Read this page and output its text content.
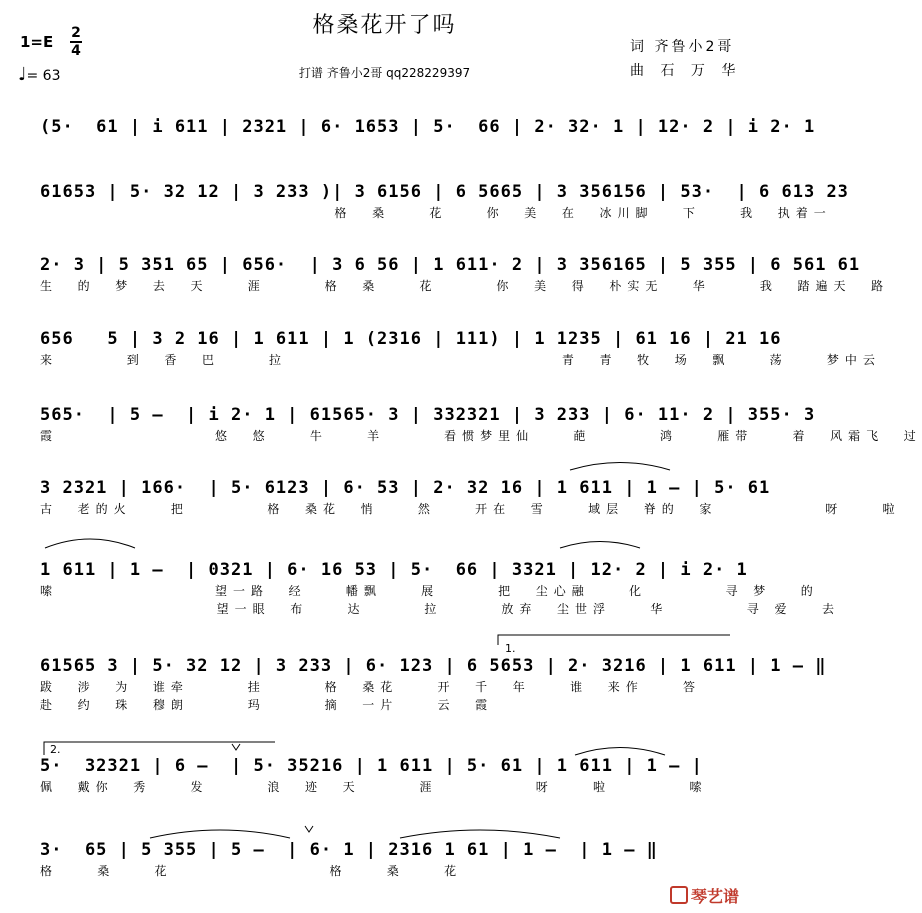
格桑花开了吗
1=E 2
4
♩= 63	打谱 齐鲁小2哥 qq228229397
词 齐鲁小2哥
曲 石 万 华
(5·  61 | i 611 | 2321 | 6· 1653 | 5·  66 | 2· 32· 1 | 12· 2 | i 2· 1
61653 | 5· 32 12 | 3 233 )| 3 6156 | 6 5665 | 3 356156 | 53·  | 6 613 23
格  桑    花    你  美  在  冰川脚   下    我  执着一
2· 3 | 5 351 65 | 656·  | 3 6 56 | 1 611· 2 | 3 356165 | 5 355 | 6 561 61
生  的  梦  去  天    涯      格  桑    花      你  美  得  朴实无   华     我  踏遍天  路
656   5 | 3 2 16 | 1 611 | 1 (2316 | 111) | 1 1235 | 61 16 | 21 16
来       到  香  巴     拉                            青  青  牧  场  飘    荡    梦中云
565·  | 5 —  | i 2· 1 | 61565· 3 | 332321 | 3 233 | 6· 11· 2 | 355· 3
霞                悠  悠    牛    羊      看惯梦里仙    葩       鸿    雁带    着  风霜飞  过
3 2321 | 166·  | 5· 6123 | 6· 53 | 2· 32 16 | 1 611 | 1 — | 5· 61
古  老的火    把        格  桑花  悄    然    开在  雪    域层  脊的  家           呀    啦
1 611 | 1 —  | 0321 | 6· 16 53 | 5·  66 | 3321 | 12· 2 | i 2· 1
嗦                望一路  经    幡飘    展      把  尘心融    化        寻 梦   的
望一眼  布    达      拉      放弃  尘世浮    华        寻 爱   去
61565 3 | 5· 32 12 | 3 233 | 6· 123 | 6 5653 | 2· 3216 | 1 611 | 1 — ‖
跋  涉  为  谁牵      挂      格  桑花    开  千  年    谁  来作    答
赴  约  珠  穆朗      玛      摘  一片    云  霞
1.
2.
5·  32321 | 6 —  | 5· 35216 | 1 611 | 5· 61 | 1 611 | 1 — |
佩  戴你  秀    发      浪  迹  天      涯          呀    啦        嗦
3·  65 | 5 355 | 5 —  | 6· 1 | 2316 1 61 | 1 —  | 1 — ‖
格    桑    花                格    桑    花
琴艺谱
